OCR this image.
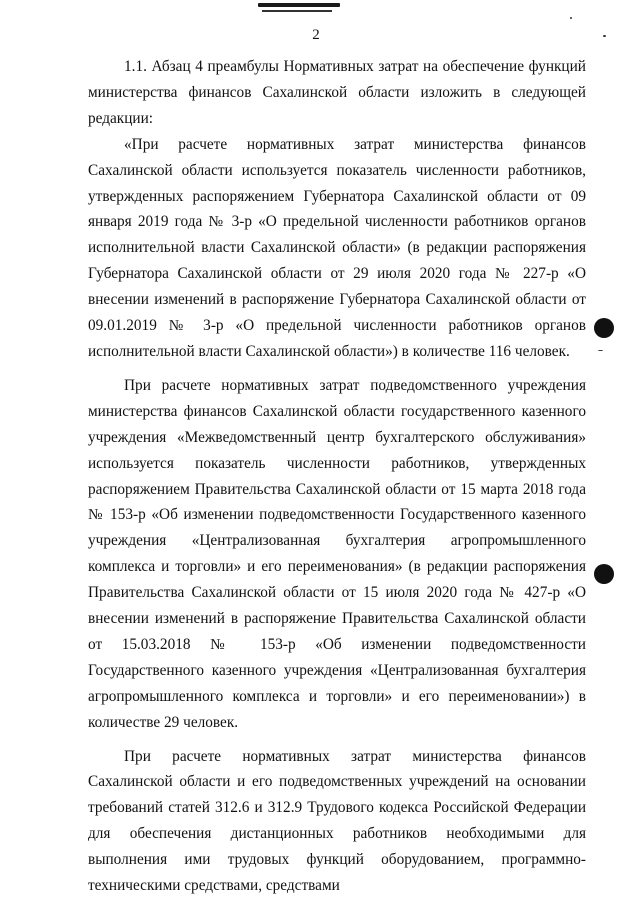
2

1.1. Абзац 4 преамбулы Нормативных затрат на обеспечение функций министерства финансов Сахалинской области изложить в следующей редакции:

«При расчете нормативных затрат министерства финансов Сахалинской области используется показатель численности работников, утвержденных распоряжением Губернатора Сахалинской области от 09 января 2019 года № 3-р «О предельной численности работников органов исполнительной власти Сахалинской области» (в редакции распоряжения Губернатора Сахалинской области от 29 июля 2020 года № 227-р «О внесении изменений в распоряжение Губернатора Сахалинской области от 09.01.2019 № 3-р «О предельной численности работников органов исполнительной власти Сахалинской области») в количестве 116 человек.

При расчете нормативных затрат подведомственного учреждения министерства финансов Сахалинской области государственного казенного учреждения «Межведомственный центр бухгалтерского обслуживания» используется показатель численности работников, утвержденных распоряжением Правительства Сахалинской области от 15 марта 2018 года № 153-р «Об изменении подведомственности Государственного казенного учреждения «Централизованная бухгалтерия агропромышленного комплекса и торговли» и его переименования» (в редакции распоряжения Правительства Сахалинской области от 15 июля 2020 года № 427-р «О внесении изменений в распоряжение Правительства Сахалинской области от 15.03.2018 № 153-р «Об изменении подведомственности Государственного казенного учреждения «Централизованная бухгалтерия агропромышленного комплекса и торговли» и его переименовании») в количестве 29 человек.

При расчете нормативных затрат министерства финансов Сахалинской области и его подведомственных учреждений на основании требований статей 312.6 и 312.9 Трудового кодекса Российской Федерации для обеспечения дистанционных работников необходимыми для выполнения ими трудовых функций оборудованием, программно-техническими средствами, средствами
